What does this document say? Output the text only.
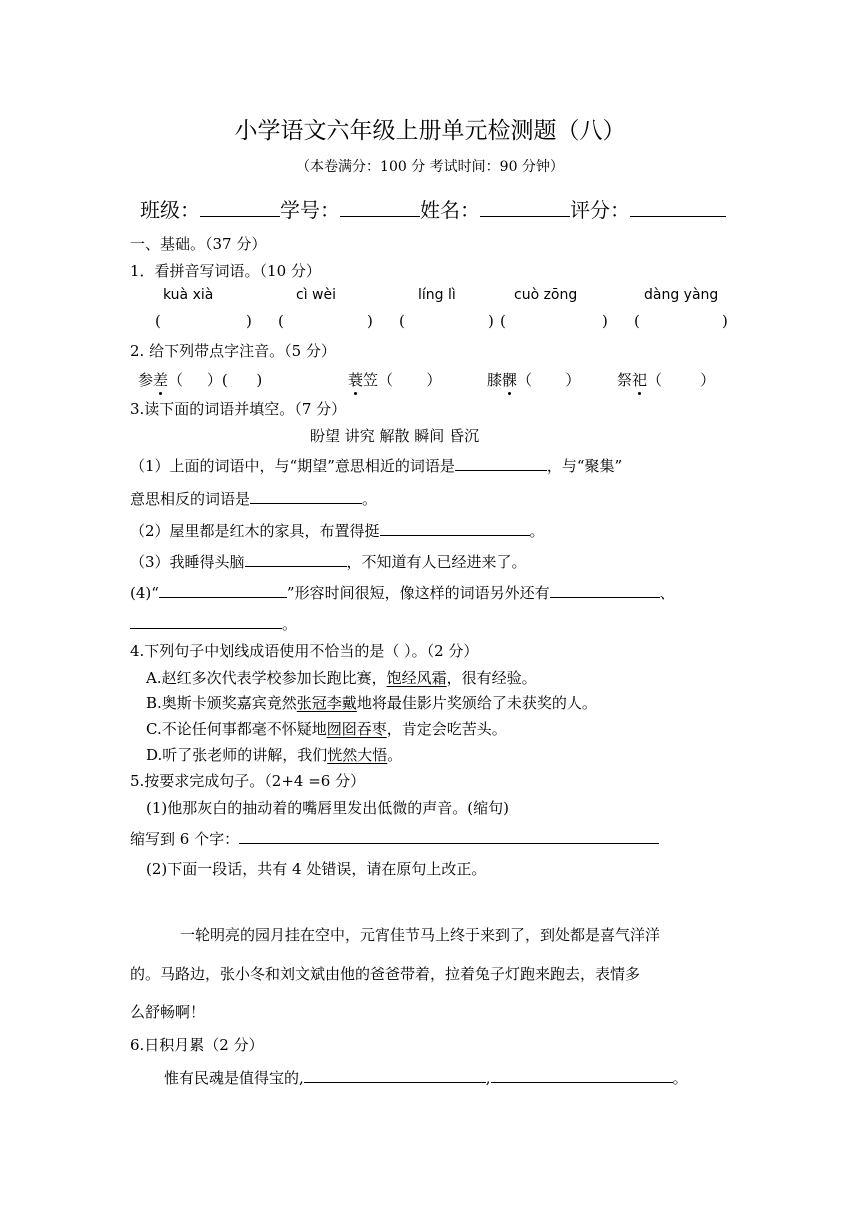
小学语文六年级上册单元检测题（八）
（本卷满分：100 分 考试时间：90 分钟）
班级：	学号：	姓名：	评分：
一、基础。（37 分）
1．看拼音写词语。（10 分）
kuà xià	cì wèi	líng lì	cuò zōng	dàng yàng
(	) (	) (	) (	) (	)
2. 给下列带点字注音。（5 分）
参差（     ）(      )	蓑笠（       ）	膝髁（       ） 祭祀（        ）
3.读下面的词语并填空。（7 分）
盼望 讲究 解散 瞬间 昏沉
（1）上面的词语中，与“期望”意思相近的词语是	，与“聚集”
意思相反的词语是	。
（2）屋里都是红木的家具，布置得挺	。
（3）我睡得头脑	，不知道有人已经进来了。
(4)“	”形容时间很短，像这样的词语另外还有	、
。
4.下列句子中划线成语使用不恰当的是（ ）。（2 分）
A.赵红多次代表学校参加长跑比赛，饱经风霜，很有经验。
B.奥斯卡颁奖嘉宾竟然张冠李戴地将最佳影片奖颁给了未获奖的人。
C.不论任何事都毫不怀疑地囫囵吞枣，肯定会吃苦头。
D.听了张老师的讲解，我们恍然大悟。
5.按要求完成句子。（2+4 =6 分）
(1)他那灰白的抽动着的嘴唇里发出低微的声音。(缩句)
缩写到 6 个字：
(2)下面一段话，共有 4 处错误，请在原句上改正。
一轮明亮的园月挂在空中，元宵佳节马上终于来到了，到处都是喜气洋洋
的。马路边，张小冬和刘文斌由他的爸爸带着，拉着兔子灯跑来跑去，表情多
么舒畅啊！
6.日积月累（2 分）
惟有民魂是值得宝的,	,	。
